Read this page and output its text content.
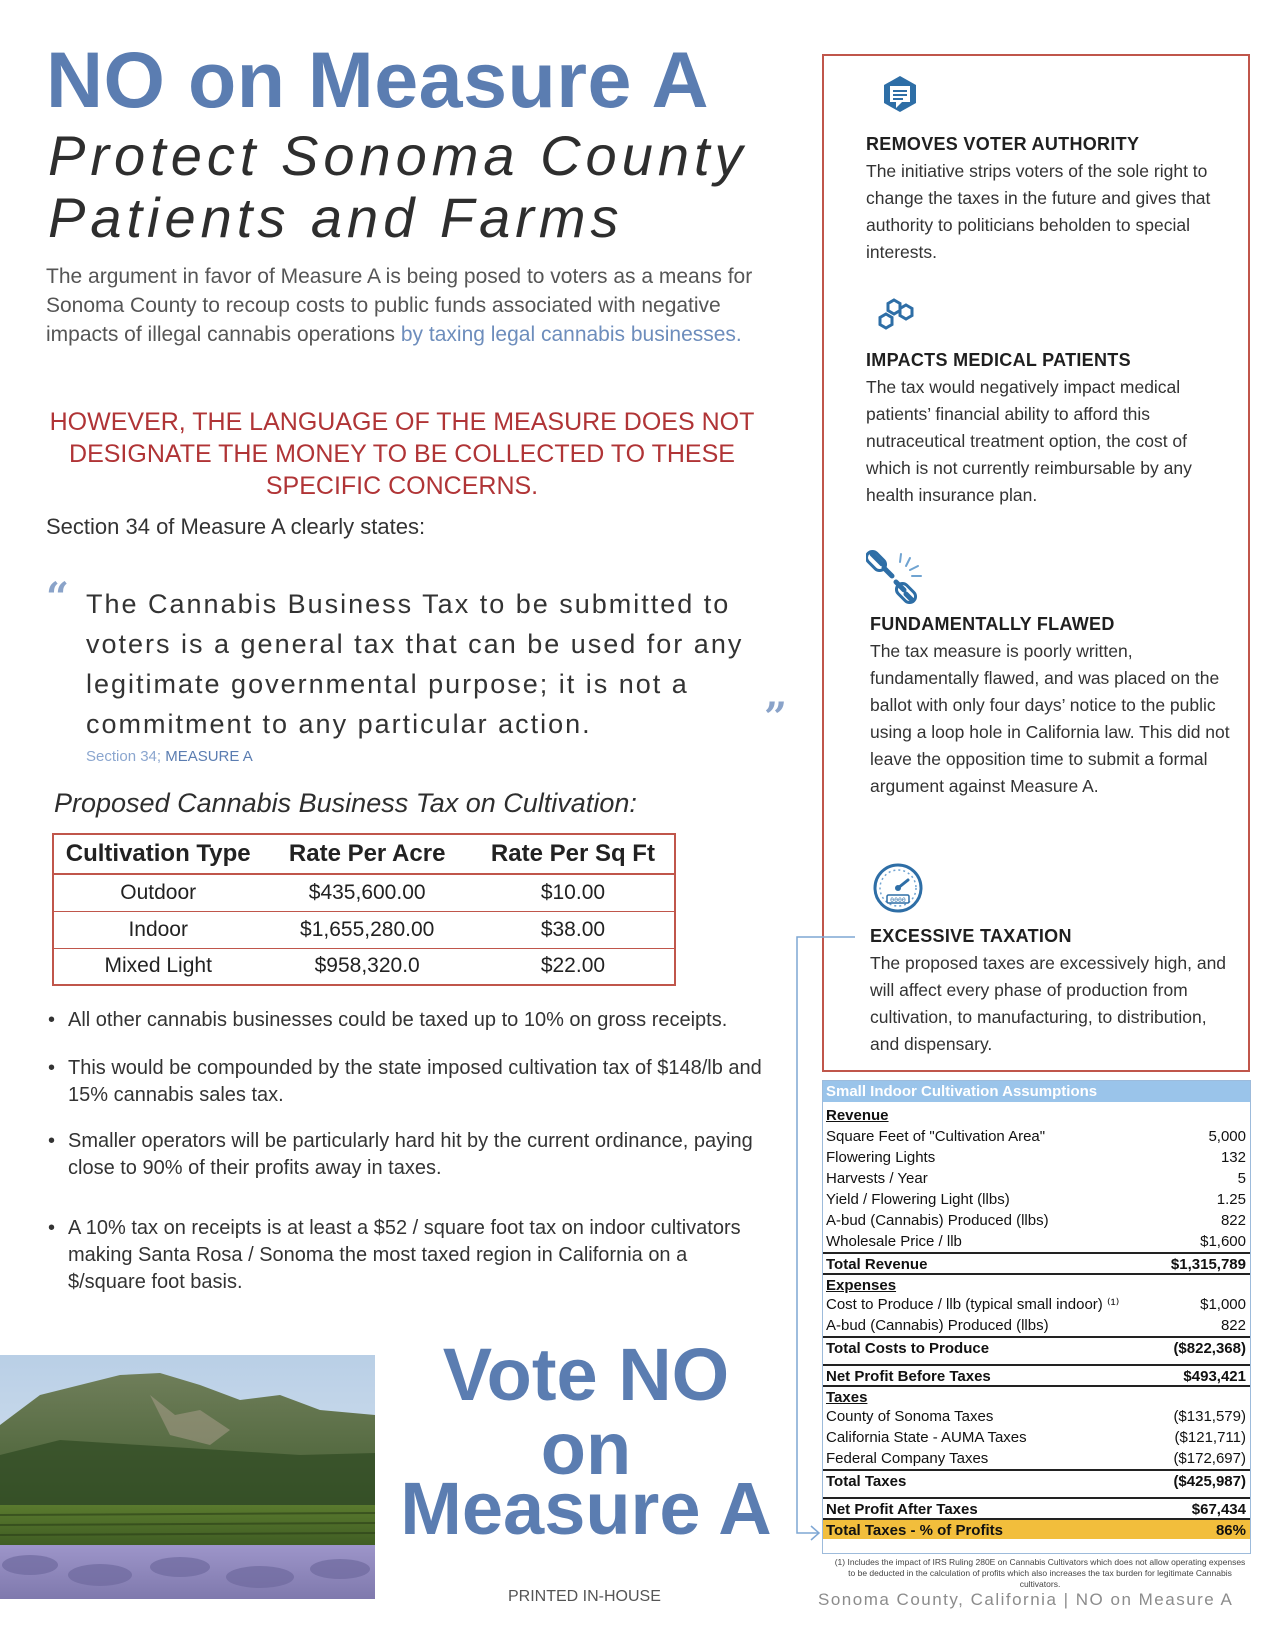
NO on Measure A
Protect Sonoma County
Patients and Farms
The argument in favor of Measure A is being posed to voters as a means for Sonoma County to recoup costs to public funds associated with negative impacts of illegal cannabis operations by taxing legal cannabis businesses.
HOWEVER, THE LANGUAGE OF THE MEASURE DOES NOT DESIGNATE THE MONEY TO BE COLLECTED TO THESE SPECIFIC CONCERNS.
Section 34 of Measure A clearly states:
“ The Cannabis Business Tax to be submitted to voters is a general tax that can be used for any legitimate governmental purpose; it is not a commitment to any particular action.	”
Section 34; MEASURE A
Proposed Cannabis Business Tax on Cultivation:
Cultivation Type	Rate Per Acre	Rate Per Sq Ft
Outdoor	$435,600.00	$10.00
Indoor	$1,655,280.00	$38.00
Mixed Light	$958,320.0	$22.00
• All other cannabis businesses could be taxed up to 10% on gross receipts.
• This would be compounded by the state imposed cultivation tax of $148/lb and 15% cannabis sales tax.
• Smaller operators will be particularly hard hit by the current ordinance, paying close to 90% of their profits away in taxes.
• A 10% tax on receipts is at least a $52 / square foot tax on indoor cultivators making Santa Rosa / Sonoma the most taxed region in California on a $/square foot basis.
Vote NO
on
Measure A
PRINTED IN-HOUSE
REMOVES VOTER AUTHORITY
The initiative strips voters of the sole right to change the taxes in the future and gives that authority to politicians beholden to special interests.
IMPACTS MEDICAL PATIENTS
The tax would negatively impact medical patients’ financial ability to afford this nutraceutical treatment option, the cost of which is not currently reimbursable by any health insurance plan.
FUNDAMENTALLY FLAWED
The tax measure is poorly written, fundamentally flawed, and was placed on the ballot with only four days’ notice to the public using a loop hole in California law. This did not leave the opposition time to submit a formal argument against Measure A.
0000
EXCESSIVE TAXATION
The proposed taxes are excessively high, and will affect every phase of production from cultivation, to manufacturing, to distribution, and dispensary.
Small Indoor Cultivation Assumptions
Revenue
Square Feet of "Cultivation Area"	5,000
Flowering Lights	132
Harvests / Year	5
Yield / Flowering Light (llbs)	1.25
A-bud (Cannabis) Produced (llbs)	822
Wholesale Price / llb	$1,600
Total Revenue	$1,315,789
Expenses
Cost to Produce / llb (typical small indoor) ⁽¹⁾	$1,000
A-bud (Cannabis) Produced (llbs)	822
Total Costs to Produce	($822,368)
Net Profit Before Taxes	$493,421
Taxes
County of Sonoma Taxes	($131,579)
California State - AUMA Taxes	($121,711)
Federal Company Taxes	($172,697)
Total Taxes	($425,987)
Net Profit After Taxes	$67,434
Total Taxes - % of Profits	86%
(1) Includes the impact of IRS Ruling 280E on Cannabis Cultivators which does not allow operating expenses to be deducted in the calculation of profits which also increases the tax burden for legitimate Cannabis cultivators.
Sonoma County, California | NO on Measure A
